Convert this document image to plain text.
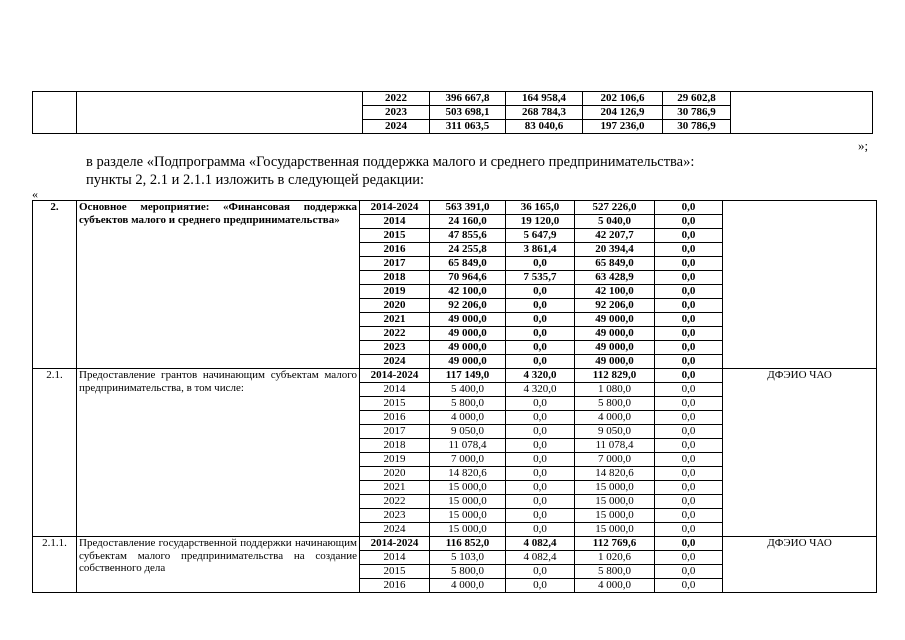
		2022	396 667,8	164 958,4	202 106,6	29 602,8	
		2023	503 698,1	268 784,3	204 126,9	30 786,9	
		2024	311 063,5	83 040,6	197 236,0	30 786,9	
»;
в разделе «Подпрограмма «Государственная поддержка малого и среднего предпринимательства»:
пункты 2, 2.1 и 2.1.1 изложить в следующей редакции:
«
2.	Основное мероприятие: «Финансовая поддержка субъектов малого и среднего предпринимательства»	2014-2024	563 391,0	36 165,0	527 226,0	0,0	
		2014	24 160,0	19 120,0	5 040,0	0,0	
		2015	47 855,6	5 647,9	42 207,7	0,0	
		2016	24 255,8	3 861,4	20 394,4	0,0	
		2017	65 849,0	0,0	65 849,0	0,0	
		2018	70 964,6	7 535,7	63 428,9	0,0	
		2019	42 100,0	0,0	42 100,0	0,0	
		2020	92 206,0	0,0	92 206,0	0,0	
		2021	49 000,0	0,0	49 000,0	0,0	
		2022	49 000,0	0,0	49 000,0	0,0	
		2023	49 000,0	0,0	49 000,0	0,0	
		2024	49 000,0	0,0	49 000,0	0,0	
2.1.	Предоставление грантов начинающим субъектам малого предпринимательства, в том числе:	2014-2024	117 149,0	4 320,0	112 829,0	0,0	ДФЭИО ЧАО
		2014	5 400,0	4 320,0	1 080,0	0,0	
		2015	5 800,0	0,0	5 800,0	0,0	
		2016	4 000,0	0,0	4 000,0	0,0	
		2017	9 050,0	0,0	9 050,0	0,0	
		2018	11 078,4	0,0	11 078,4	0,0	
		2019	7 000,0	0,0	7 000,0	0,0	
		2020	14 820,6	0,0	14 820,6	0,0	
		2021	15 000,0	0,0	15 000,0	0,0	
		2022	15 000,0	0,0	15 000,0	0,0	
		2023	15 000,0	0,0	15 000,0	0,0	
		2024	15 000,0	0,0	15 000,0	0,0	
2.1.1.	Предоставление государственной поддержки начинающим субъектам малого предпринимательства на создание собственного дела	2014-2024	116 852,0	4 082,4	112 769,6	0,0	ДФЭИО ЧАО
		2014	5 103,0	4 082,4	1 020,6	0,0	
		2015	5 800,0	0,0	5 800,0	0,0	
		2016	4 000,0	0,0	4 000,0	0,0	
